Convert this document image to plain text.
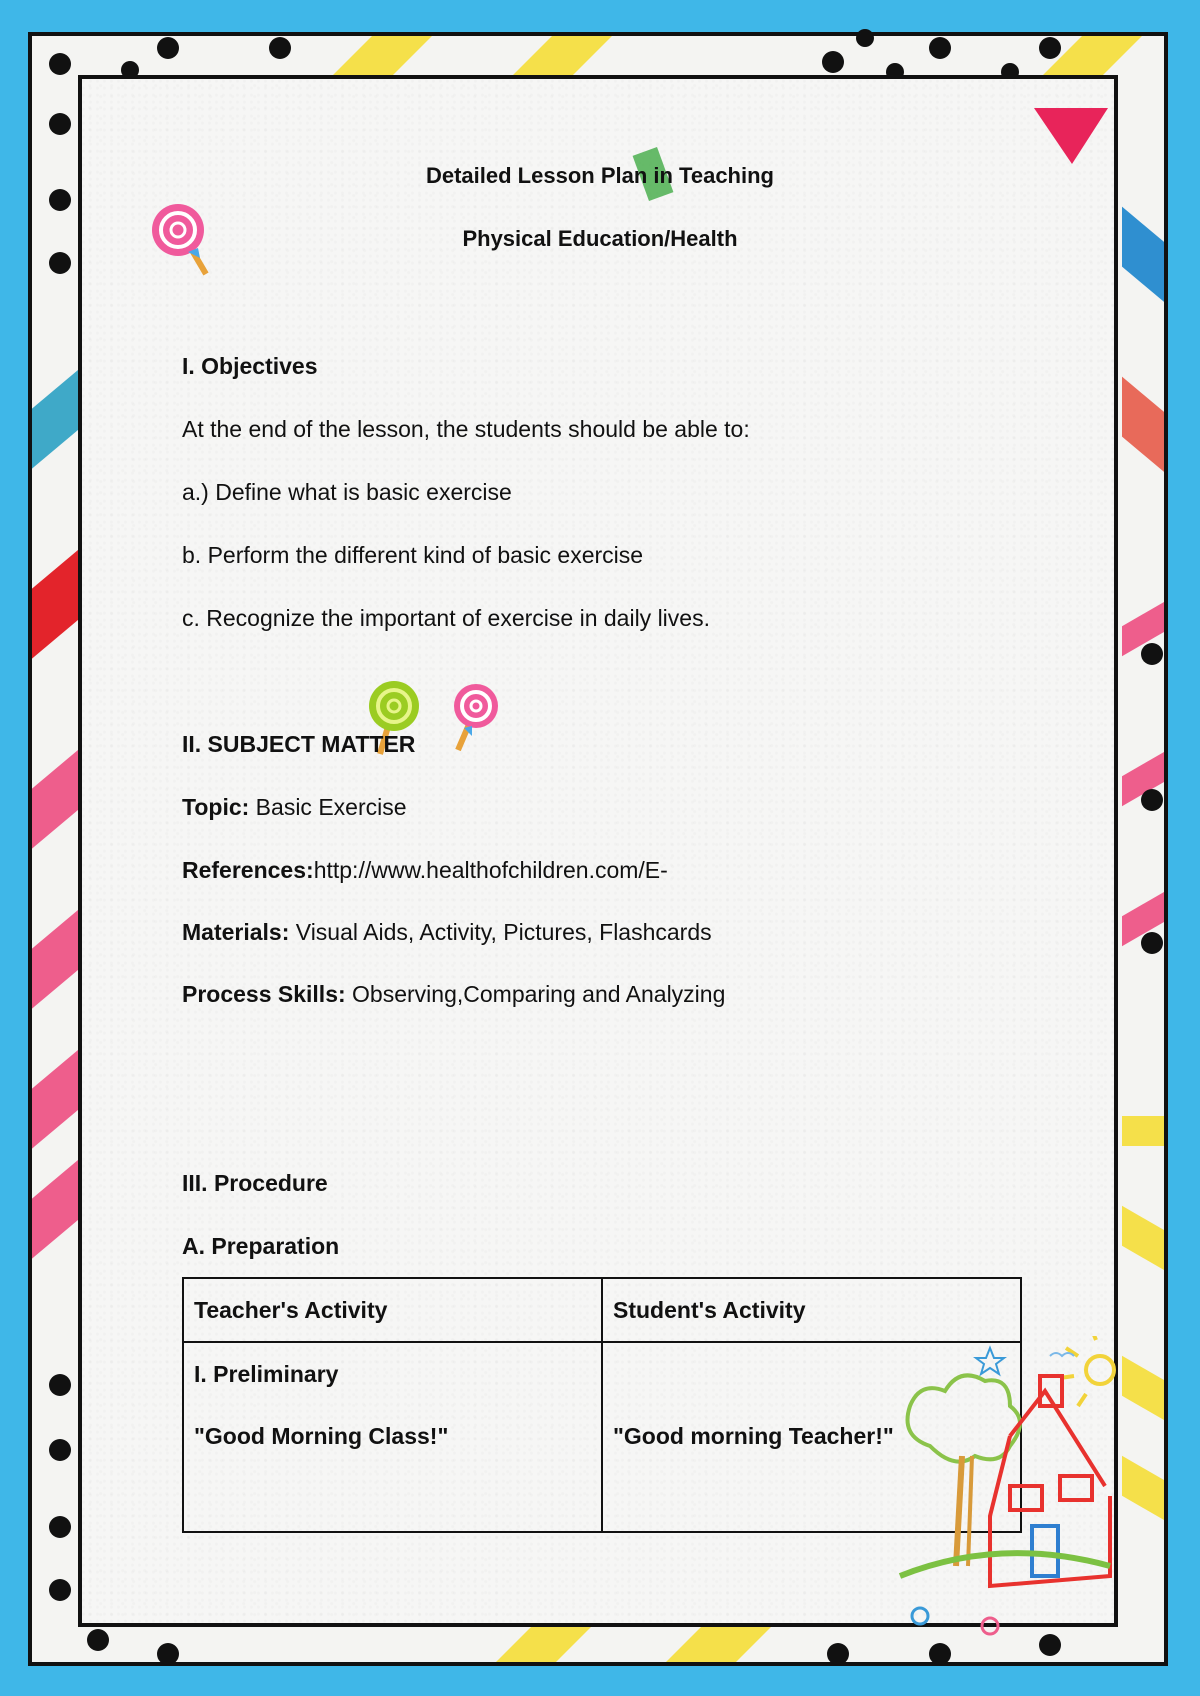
Detailed Lesson Plan in Teaching
Physical Education/Health
I. Objectives
At the end of the lesson, the students should be able to:
a.) Define what is basic exercise
b. Perform the different kind of basic exercise
c. Recognize the important of exercise in daily lives.
II. SUBJECT MATTER
Topic: Basic Exercise
References:http://www.healthofchildren.com/E-
Materials: Visual Aids, Activity, Pictures, Flashcards
Process Skills: Observing,Comparing and Analyzing
III. Procedure
A. Preparation
Teacher's Activity	Student's Activity

I. Preliminary
"Good Morning Class!"	"Good morning Teacher!"
